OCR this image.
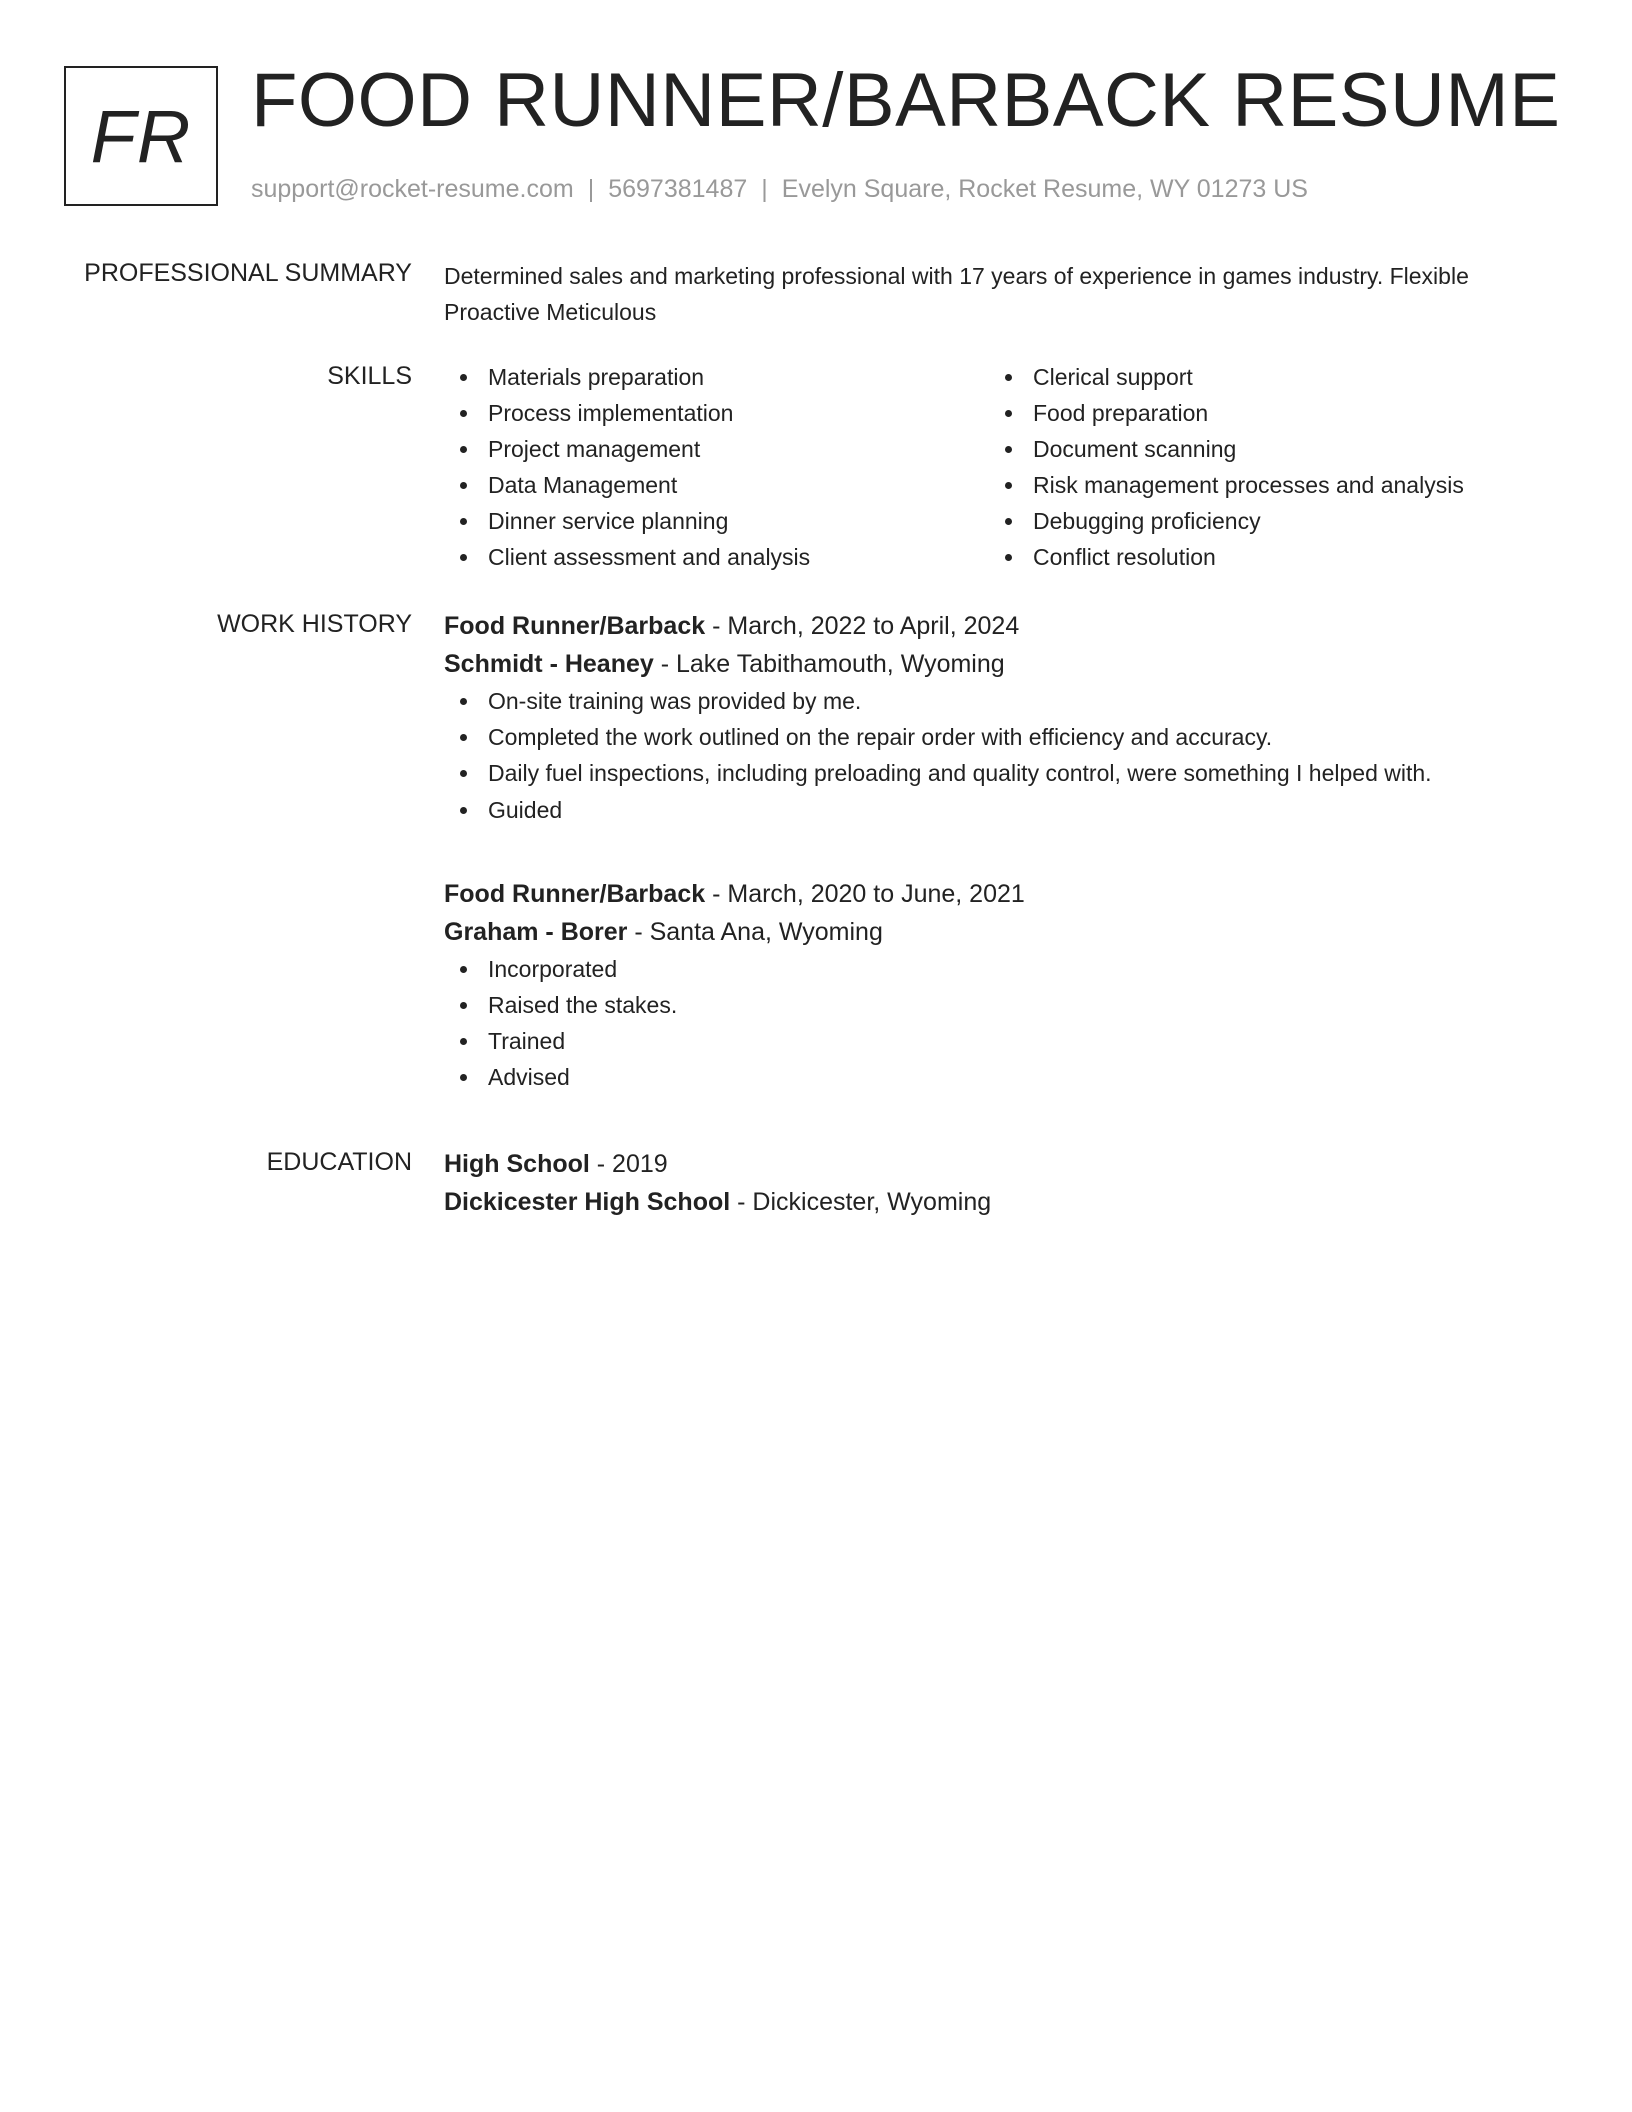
FR FOOD RUNNER/BARBACK RESUME
support@rocket-resume.com | 5697381487 | Evelyn Square, Rocket Resume, WY 01273 US
PROFESSIONAL SUMMARY Determined sales and marketing professional with 17 years of experience in games industry. Flexible Proactive Meticulous
SKILLS	Materials preparation
Process implementation
Project management
Data Management
Dinner service planning
Client assessment and analysis
Clerical support
Food preparation
Document scanning
Risk management processes and analysis
Debugging proficiency
Conflict resolution
WORK HISTORY Food Runner/Barback - March, 2022 to April, 2024
Schmidt - Heaney - Lake Tabithamouth, Wyoming
On-site training was provided by me.
Completed the work outlined on the repair order with efficiency and accuracy.
Daily fuel inspections, including preloading and quality control, were something I helped with.
Guided
Food Runner/Barback - March, 2020 to June, 2021
Graham - Borer - Santa Ana, Wyoming
Incorporated
Raised the stakes.
Trained
Advised
EDUCATION High School - 2019
Dickicester High School - Dickicester, Wyoming
